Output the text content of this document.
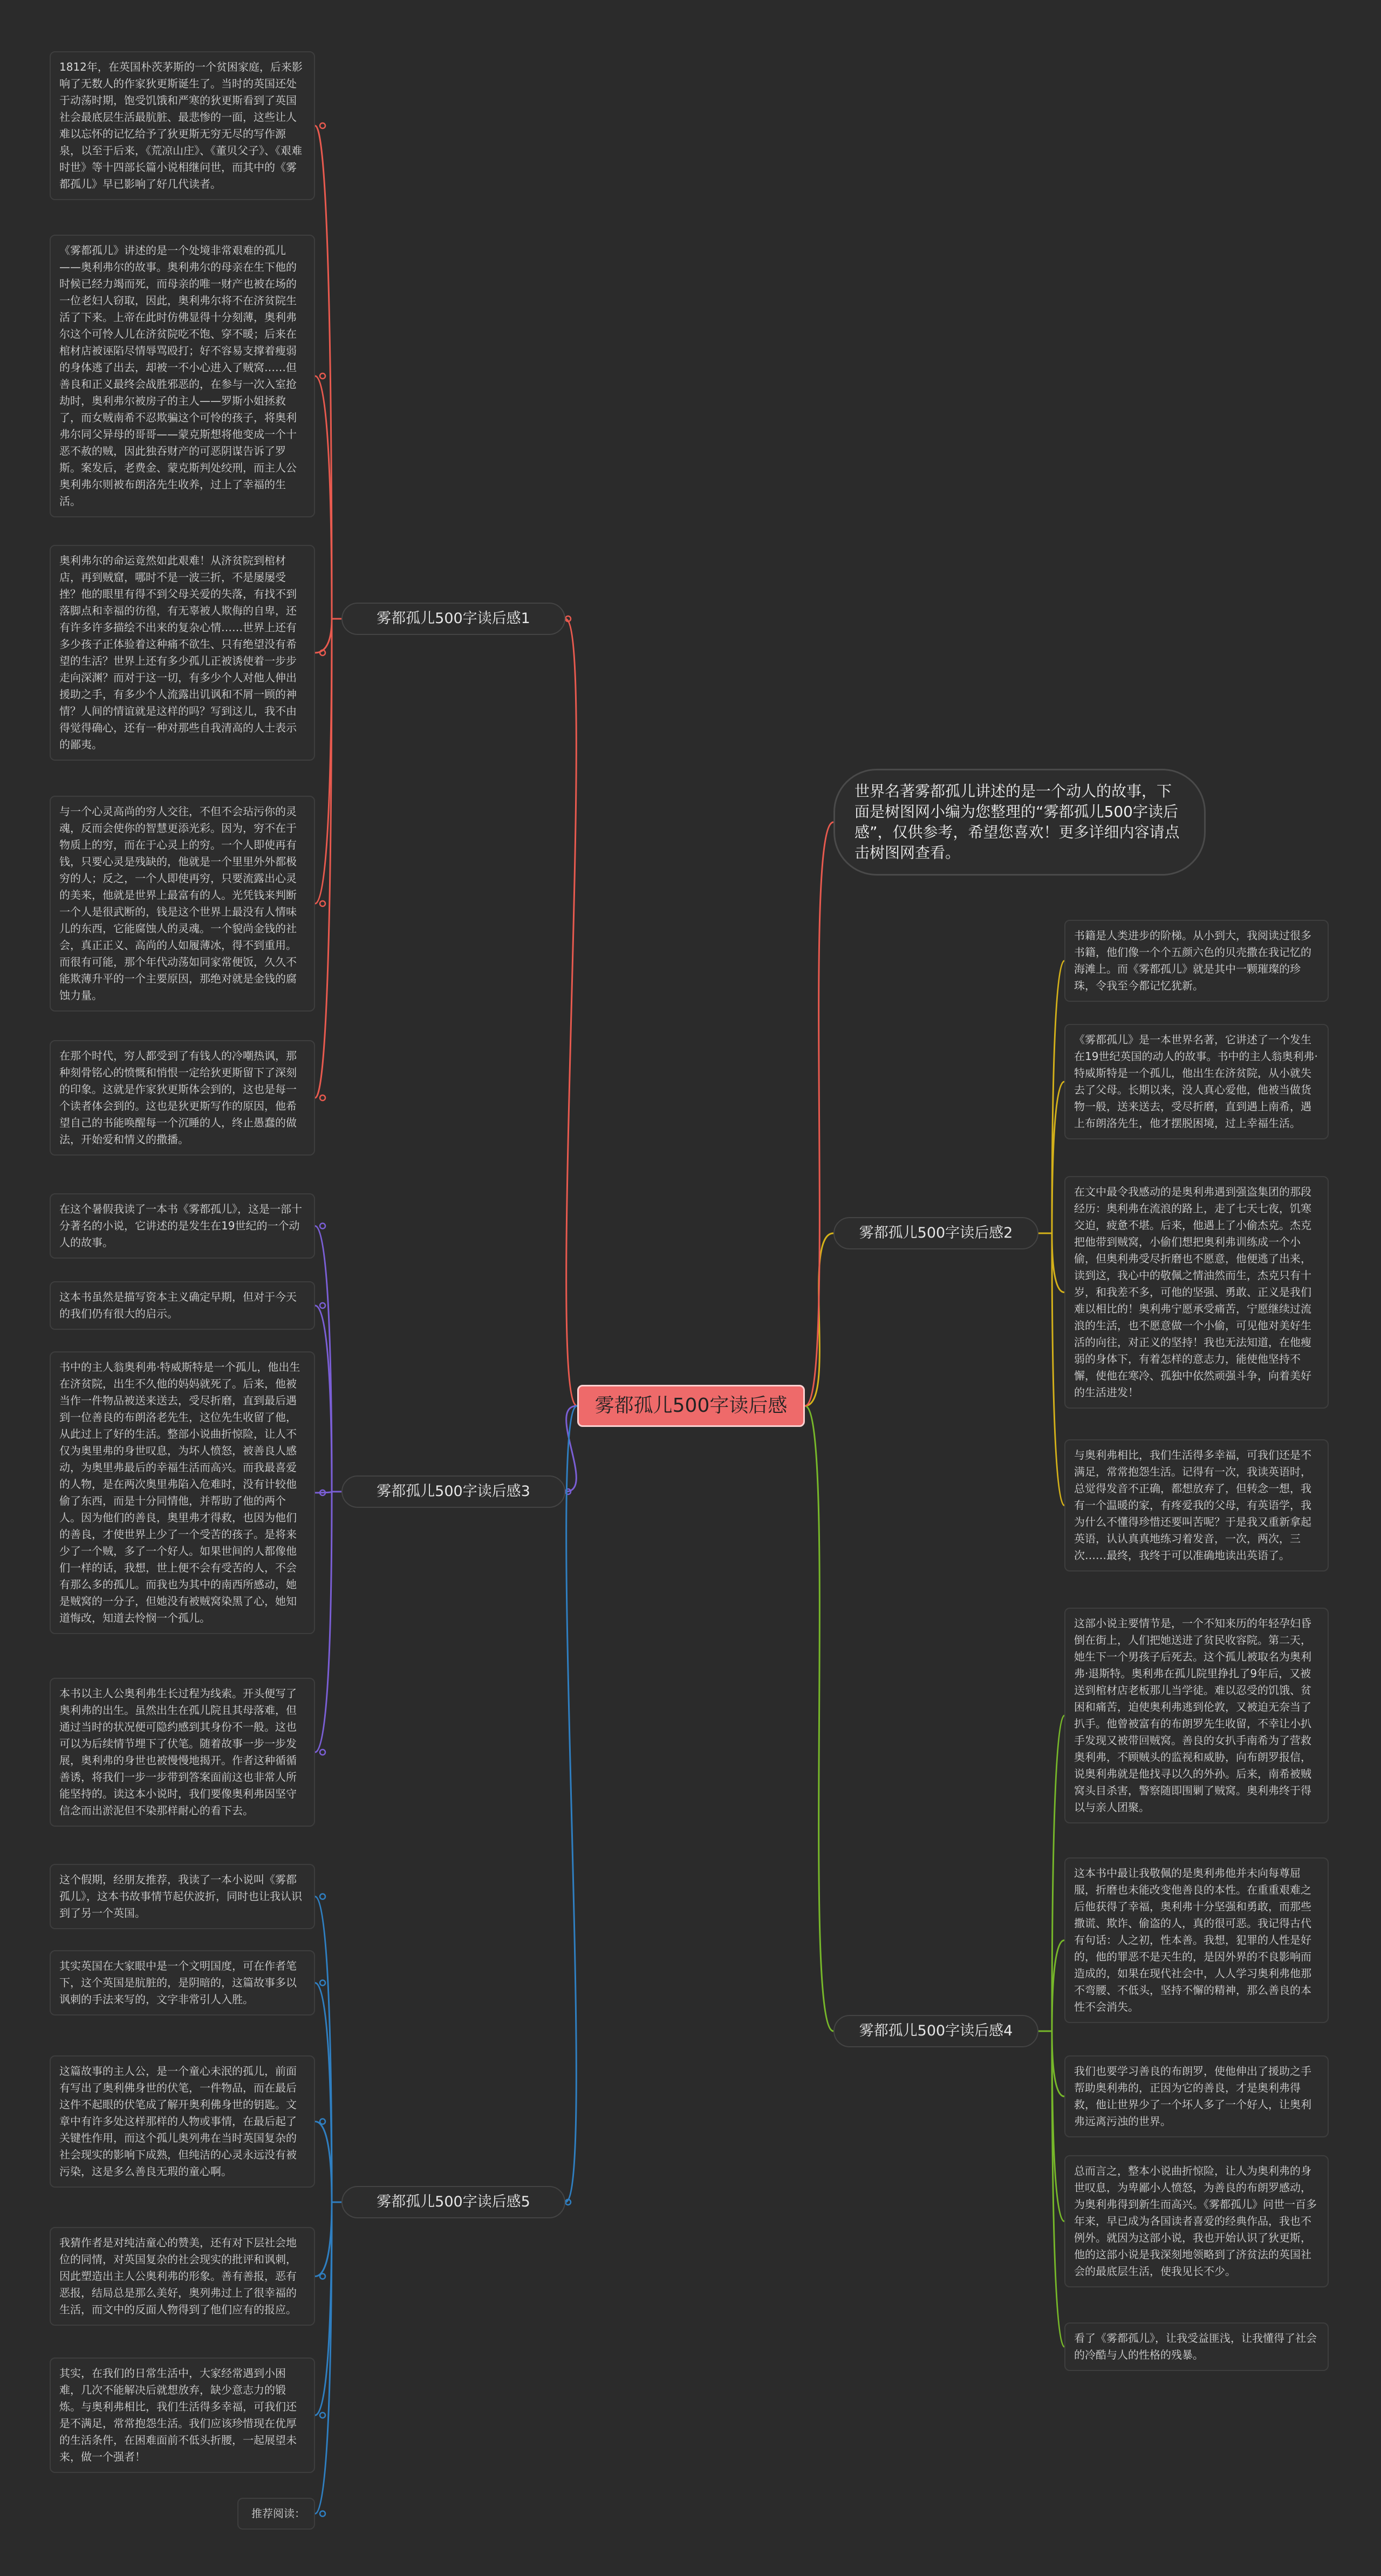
雾都孤儿500字读后感
世界名著雾都孤儿讲述的是一个动人的故事，下面是树图网小编为您整理的“雾都孤儿500字读后感”，仅供参考，希望您喜欢！更多详细内容请点击树图网查看。
雾都孤儿500字读后感1
雾都孤儿500字读后感2
雾都孤儿500字读后感3
雾都孤儿500字读后感4
雾都孤儿500字读后感5
1812年，在英国朴茨茅斯的一个贫困家庭，后来影响了无数人的作家狄更斯诞生了。当时的英国还处于动荡时期，饱受饥饿和严寒的狄更斯看到了英国社会最底层生活最肮脏、最悲惨的一面，这些让人难以忘怀的记忆给予了狄更斯无穷无尽的写作源泉，以至于后来，《荒凉山庄》、《董贝父子》、《艰难时世》等十四部长篇小说相继问世，而其中的《雾都孤儿》早已影响了好几代读者。
《雾都孤儿》讲述的是一个处境非常艰难的孤儿——奥利弗尔的故事。奥利弗尔的母亲在生下他的时候已经力竭而死，而母亲的唯一财产也被在场的一位老妇人窃取，因此，奥利弗尔将不在济贫院生活了下来。上帝在此时仿佛显得十分刻薄，奥利弗尔这个可怜人儿在济贫院吃不饱、穿不暖；后来在棺材店被诬陷尽情辱骂殴打；好不容易支撑着瘦弱的身体逃了出去，却被一不小心进入了贼窝……但善良和正义最终会战胜邪恶的，在参与一次入室抢劫时，奥利弗尔被房子的主人——罗斯小姐拯救了，而女贼南希不忍欺骗这个可怜的孩子，将奥利弗尔同父异母的哥哥——蒙克斯想将他变成一个十恶不赦的贼，因此独吞财产的可恶阴谋告诉了罗斯。案发后，老费金、蒙克斯判处绞刑，而主人公奥利弗尔则被布朗洛先生收养，过上了幸福的生活。
奥利弗尔的命运竟然如此艰难！从济贫院到棺材店，再到贼窟，哪时不是一波三折，不是屡屡受挫？他的眼里有得不到父母关爱的失落，有找不到落脚点和幸福的彷徨，有无辜被人欺侮的自卑，还有许多许多描绘不出来的复杂心情……世界上还有多少孩子正体验着这种痛不欲生、只有绝望没有希望的生活？世界上还有多少孤儿正被诱使着一步步走向深渊？而对于这一切，有多少个人对他人伸出援助之手，有多少个人流露出讥讽和不屑一顾的神情？人间的情谊就是这样的吗？写到这儿，我不由得觉得确心，还有一种对那些自我清高的人士表示的鄙夷。
与一个心灵高尚的穷人交往，不但不会玷污你的灵魂，反而会使你的智慧更添光彩。因为，穷不在于物质上的穷，而在于心灵上的穷。一个人即使再有钱，只要心灵是残缺的，他就是一个里里外外都极穷的人；反之，一个人即使再穷，只要流露出心灵的美来，他就是世界上最富有的人。光凭钱来判断一个人是很武断的，钱是这个世界上最没有人情味儿的东西，它能腐蚀人的灵魂。一个貌尚金钱的社会，真正正义、高尚的人如履薄冰，得不到重用。而很有可能，那个年代动荡如同家常便饭，久久不能欺薄升平的一个主要原因，那绝对就是金钱的腐蚀力量。
在那个时代，穷人都受到了有钱人的冷嘲热讽，那种刻骨铭心的愤慨和悄恨一定给狄更斯留下了深刻的印象。这就是作家狄更斯体会到的，这也是每一个读者体会到的。这也是狄更斯写作的原因，他希望自己的书能唤醒每一个沉睡的人，终止愚蠢的做法，开始爱和情义的撒播。
在这个暑假我读了一本书《雾都孤儿》，这是一部十分著名的小说，它讲述的是发生在19世纪的一个动人的故事。
这本书虽然是描写资本主义确定早期，但对于今天的我们仍有很大的启示。
书中的主人翁奥利弗·特威斯特是一个孤儿，他出生在济贫院，出生不久他的妈妈就死了。后来，他被当作一件物品被送来送去，受尽折磨，直到最后遇到一位善良的布朗洛老先生，这位先生收留了他，从此过上了好的生活。整部小说曲折惊险，让人不仅为奥里弗的身世叹息，为坏人愤怒，被善良人感动，为奥里弗最后的幸福生活而高兴。而我最喜爱的人物，是在两次奥里弗陷入危难时，没有计较他偷了东西，而是十分同情他，并帮助了他的两个人。因为他们的善良，奥里弗才得救，也因为他们的善良，才使世界上少了一个受苦的孩子。是将来少了一个贼，多了一个好人。如果世间的人都像他们一样的话，我想，世上便不会有受苦的人，不会有那么多的孤儿。而我也为其中的南西所感动，她是贼窝的一分子，但她没有被贼窝染黑了心，她知道悔改，知道去怜悯一个孤儿。
本书以主人公奥利弗生长过程为线索。开头便写了奥利弗的出生。虽然出生在孤儿院且其母落难，但通过当时的状况便可隐约感到其身份不一般。这也可以为后续情节埋下了伏笔。随着故事一步一步发展，奥利弗的身世也被慢慢地揭开。作者这种循循善诱，将我们一步一步带到答案面前这也非常人所能坚持的。读这本小说时，我们要像奥利弗因坚守信念而出淤泥但不染那样耐心的看下去。
这个假期，经朋友推荐，我读了一本小说叫《雾都孤儿》，这本书故事情节起伏波折，同时也让我认识到了另一个英国。
其实英国在大家眼中是一个文明国度，可在作者笔下，这个英国是肮脏的，是阴暗的，这篇故事多以讽刺的手法来写的，文字非常引人入胜。
这篇故事的主人公，是一个童心未泯的孤儿，前面有写出了奥利佛身世的伏笔，一件物品，而在最后这件不起眼的伏笔成了解开奥利佛身世的钥匙。文章中有许多处这样那样的人物或事情，在最后起了关键性作用，而这个孤儿奥列弗在当时英国复杂的社会现实的影响下成熟，但纯洁的心灵永远没有被污染，这是多么善良无瑕的童心啊。
我猜作者是对纯洁童心的赞美，还有对下层社会地位的同情，对英国复杂的社会现实的批评和讽刺，因此塑造出主人公奥利弗的形象。善有善报，恶有恶报，结局总是那么美好，奥列弗过上了很幸福的生活，而文中的反面人物得到了他们应有的报应。
其实，在我们的日常生活中，大家经常遇到小困难，几次不能解决后就想放弃，缺少意志力的锻炼。与奥利弗相比，我们生活得多幸福，可我们还是不满足，常常抱怨生活。我们应该珍惜现在优厚的生活条件，在困难面前不低头折腰，一起展望未来，做一个强者！
推荐阅读：
书籍是人类进步的阶梯。从小到大，我阅读过很多书籍，他们像一个个五颜六色的贝壳撒在我记忆的海滩上。而《雾都孤儿》就是其中一颗璀璨的珍珠，令我至今都记忆犹新。
《雾都孤儿》是一本世界名著，它讲述了一个发生在19世纪英国的动人的故事。书中的主人翁奥利弗·特威斯特是一个孤儿，他出生在济贫院，从小就失去了父母。长期以来，没人真心爱他，他被当做货物一般，送来送去，受尽折磨，直到遇上南希，遇上布朗洛先生，他才摆脱困境，过上幸福生活。
在文中最令我感动的是奥利弗遇到强盗集团的那段经历：奥利弗在流浪的路上，走了七天七夜，饥寒交迫，疲惫不堪。后来，他遇上了小偷杰克。杰克把他带到贼窝，小偷们想把奥利弗训练成一个小偷，但奥利弗受尽折磨也不愿意，他便逃了出来，读到这，我心中的敬佩之情油然而生，杰克只有十岁，和我差不多，可他的坚强、勇敢、正义是我们难以相比的！奥利弗宁愿承受痛苦，宁愿继续过流浪的生活，也不愿意做一个小偷，可见他对美好生活的向往，对正义的坚持！我也无法知道，在他瘦弱的身体下，有着怎样的意志力，能使他坚持不懈，使他在寒冷、孤独中依然顽强斗争，向着美好的生活进发！
与奥利弗相比，我们生活得多幸福，可我们还是不满足，常常抱怨生活。记得有一次，我读英语时，总觉得发音不正确，都想放弃了，但转念一想，我有一个温暖的家，有疼爱我的父母，有英语学，我为什么不懂得珍惜还要叫苦呢？于是我又重新拿起英语，认认真真地练习着发音，一次，两次，三次……最终，我终于可以准确地读出英语了。
这部小说主要情节是，一个不知来历的年轻孕妇昏倒在街上，人们把她送进了贫民收容院。第二天，她生下一个男孩子后死去。这个孤儿被取名为奥利弗·退斯特。奥利弗在孤儿院里挣扎了9年后，又被送到棺材店老板那儿当学徒。难以忍受的饥饿、贫困和痛苦，迫使奥利弗逃到伦敦，又被迫无奈当了扒手。他曾被富有的布朗罗先生收留，不幸让小扒手发现又被带回贼窝。善良的女扒手南希为了营救奥利弗，不顾贼头的监视和威胁，向布朗罗报信，说奥利弗就是他找寻以久的外孙。后来，南希被贼窝头目杀害，警察随即围剿了贼窝。奥利弗终于得以与亲人团聚。
这本书中最让我敬佩的是奥利弗他并未向每尊屈服，折磨也未能改变他善良的本性。在重重艰难之后他获得了幸福，奥利弗十分坚强和勇敢，而那些撒谎、欺诈、偷盗的人，真的很可恶。我记得古代有句话：人之初，性本善。我想，犯罪的人性是好的，他的罪恶不是天生的，是因外界的不良影响而造成的，如果在现代社会中，人人学习奥利弗他那不弯腰、不低头，坚持不懈的精神，那么善良的本性不会消失。
我们也要学习善良的布朗罗，使他伸出了援助之手帮助奥利弗的，正因为它的善良，才是奥利弗得救，他让世界少了一个坏人多了一个好人，让奥利弗远离污浊的世界。
总而言之，整本小说曲折惊险，让人为奥利弗的身世叹息，为卑鄙小人愤怒，为善良的布朗罗感动，为奥利弗得到新生而高兴。《雾都孤儿》问世一百多年来，早已成为各国读者喜爱的经典作品，我也不例外。就因为这部小说，我也开始认识了狄更斯，他的这部小说是我深刻地领略到了济贫法的英国社会的最底层生活，使我见长不少。
看了《雾都孤儿》，让我受益匪浅，让我懂得了社会的冷酷与人的性格的残暴。
